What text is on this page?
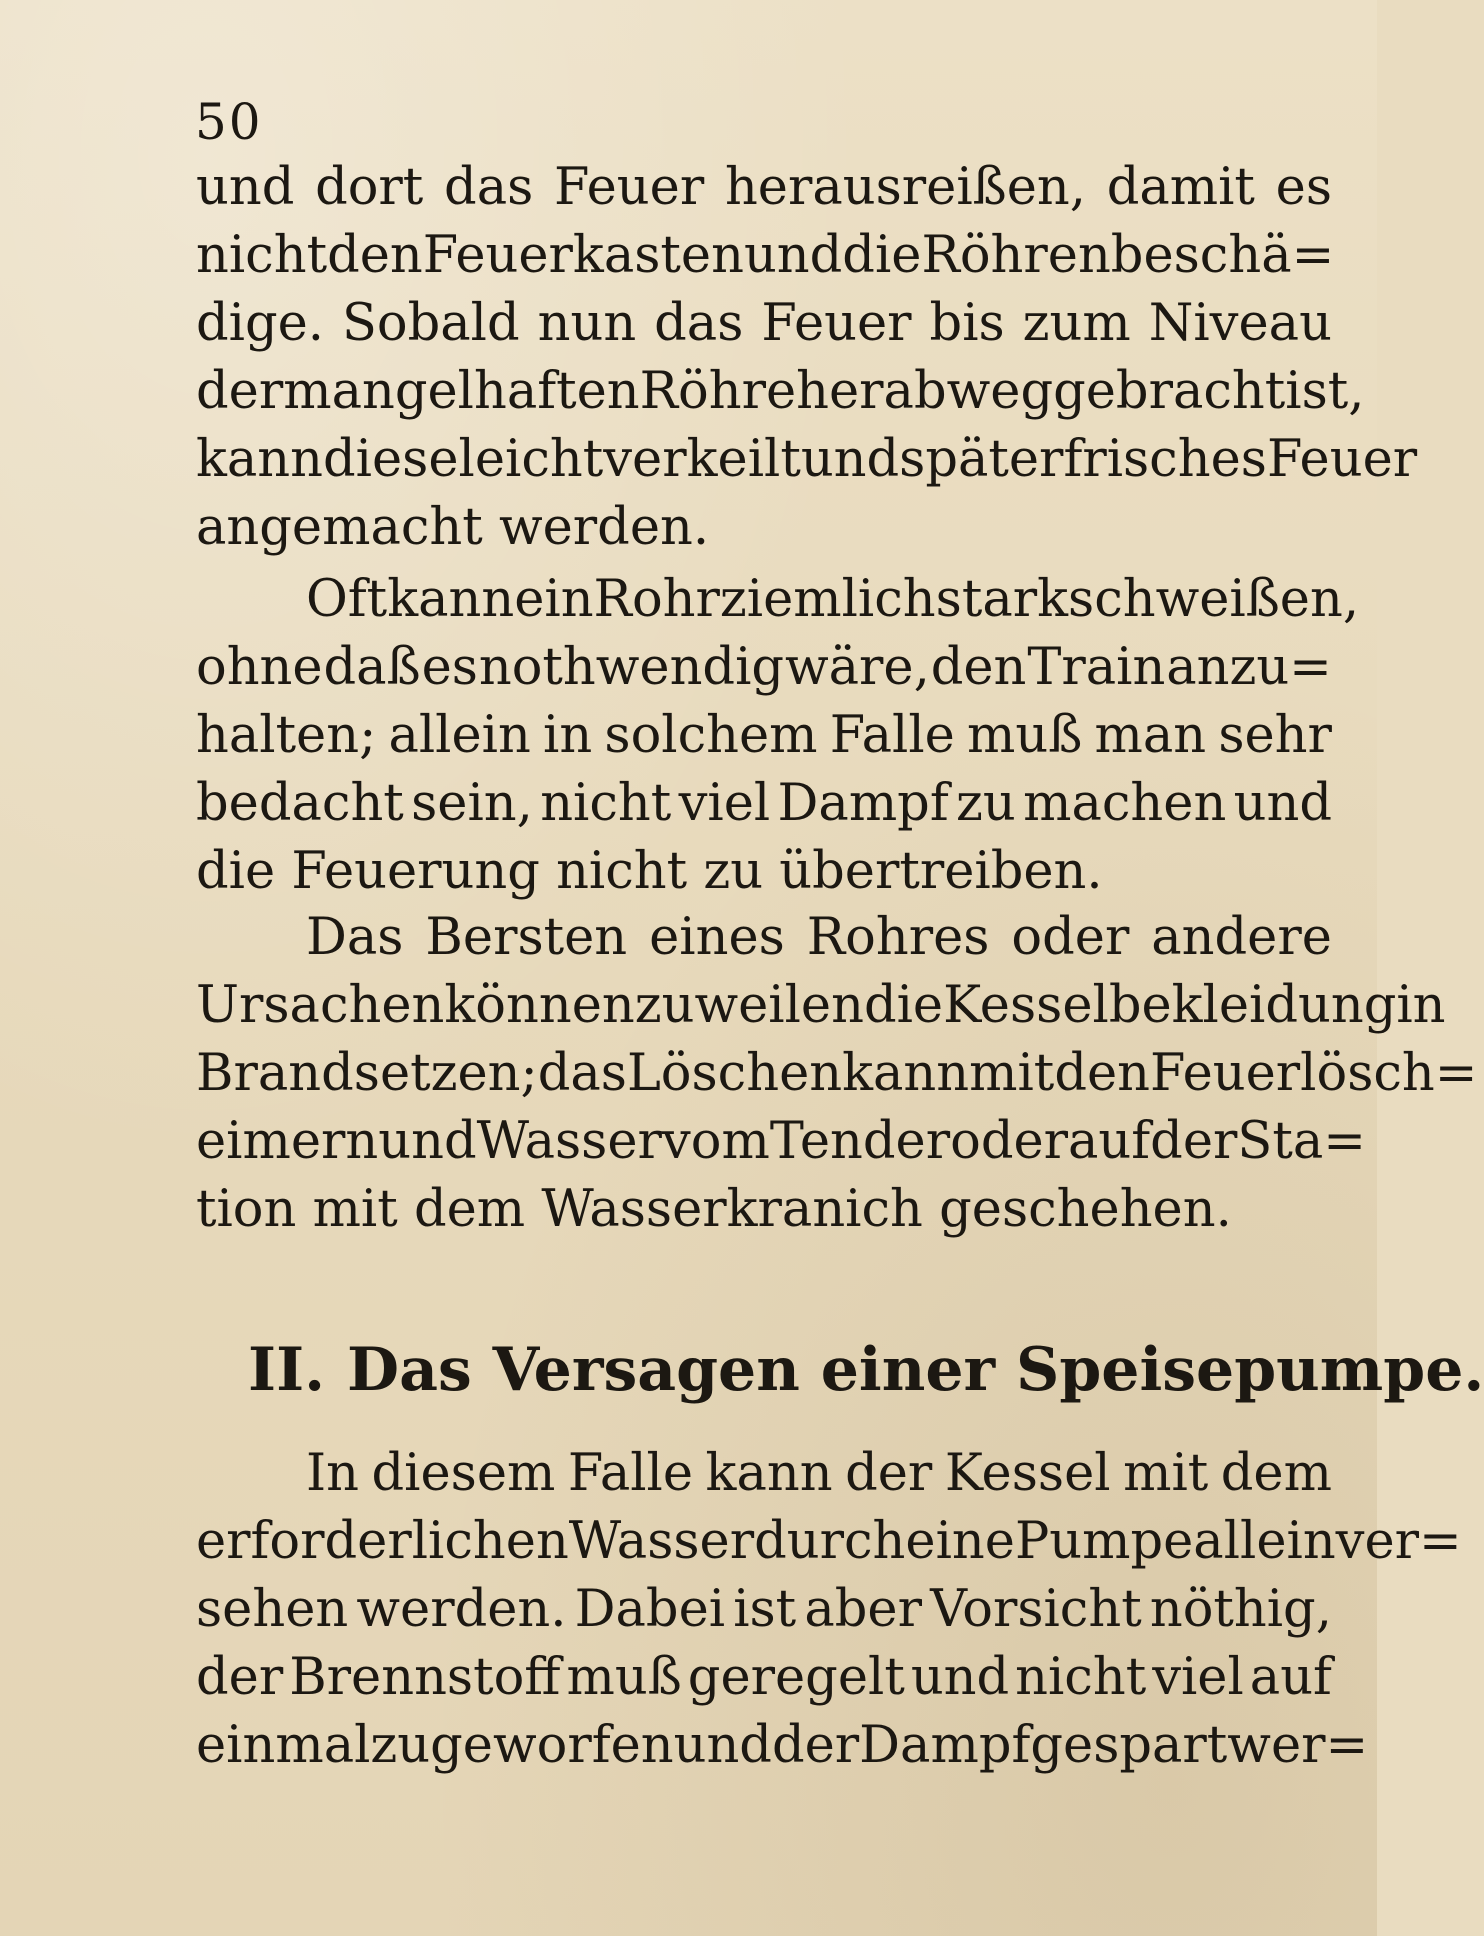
50
und dort das Feuer herausreißen, damit es
nicht den Feuerkasten und die Röhren beschä=
dige. Sobald nun das Feuer bis zum Niveau
der mangelhaften Röhre herab weggebracht ist,
kann diese leicht verkeilt und später frisches Feuer
angemacht werden.
Oft kann ein Rohr ziemlich stark schweißen,
ohne daß es nothwendig wäre, den Train anzu=
halten; allein in solchem Falle muß man sehr
bedacht sein, nicht viel Dampf zu machen und
die Feuerung nicht zu übertreiben.
Das Bersten eines Rohres oder andere
Ursachen können zuweilen die Kesselbekleidung in
Brand setzen; das Löschen kann mit den Feuerlösch=
eimern und Wasser vom Tender oder auf der Sta=
tion mit dem Wasserkranich geschehen.
In diesem Falle kann der Kessel mit dem
erforderlichen Wasser durch eine Pumpe allein ver=
sehen werden. Dabei ist aber Vorsicht nöthig,
der Brennstoff muß geregelt und nicht viel auf
einmal zugeworfen und der Dampf gespart wer=
II. Das Versagen einer Speisepumpe.
